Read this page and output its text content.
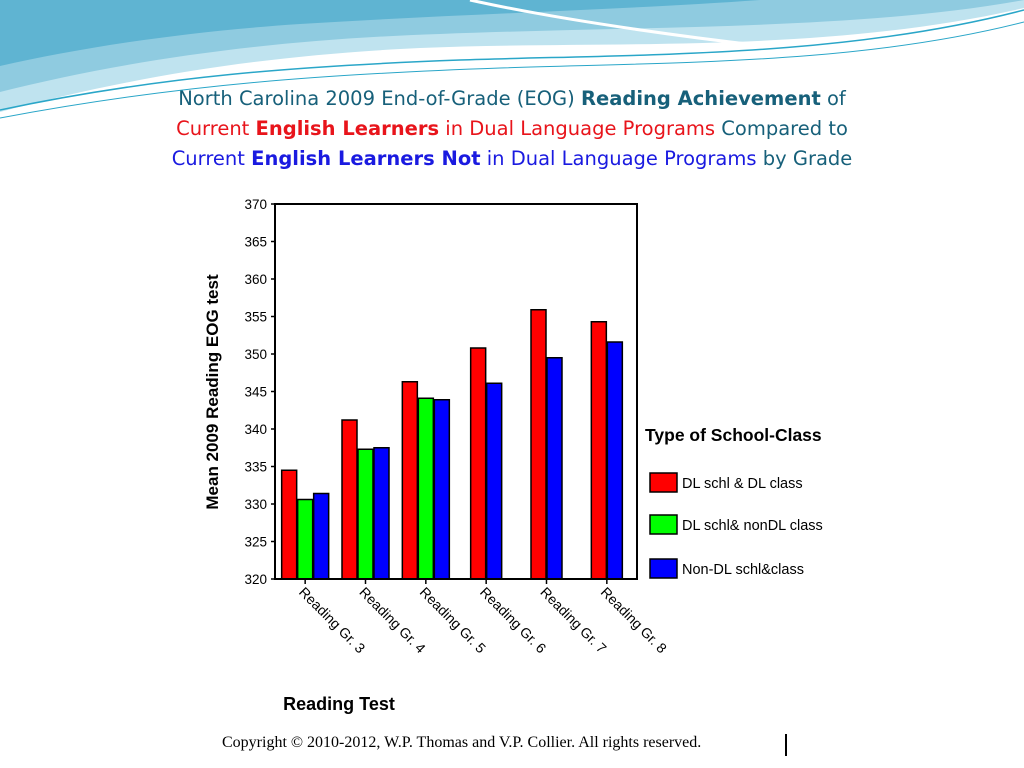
North Carolina 2009 End-of-Grade (EOG) Reading Achievement of
Current English Learners in Dual Language Programs Compared to
Current English Learners Not in Dual Language Programs by Grade
320
325
330
335
340
345
350
355
360
365
370
Reading Gr. 3
Reading Gr. 4
Reading Gr. 5
Reading Gr. 6
Reading Gr. 7
Reading Gr. 8
Mean 2009 Reading EOG test
Reading Test
Type of School-Class
DL schl & DL class
DL schl& nonDL class
Non-DL schl&class
Copyright © 2010-2012, W.P. Thomas and V.P. Collier. All rights reserved.
